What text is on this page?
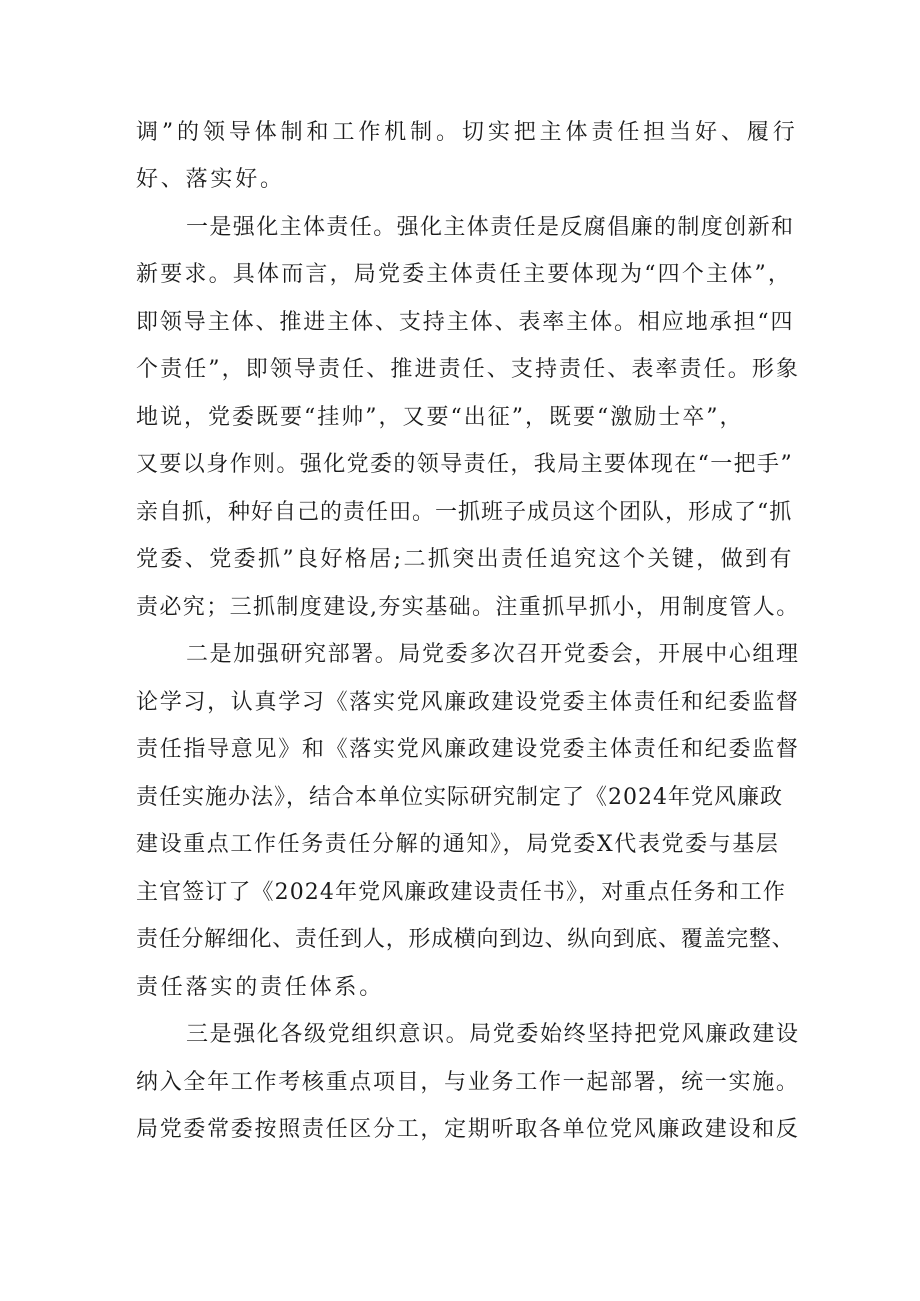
调”的领导体制和工作机制。切实把主体责任担当好、履行
好、落实好。
一是强化主体责任。强化主体责任是反腐倡廉的制度创新和
新要求。具体而言，局党委主体责任主要体现为“四个主体”，
即领导主体、推进主体、支持主体、表率主体。相应地承担“四
个责任”，即领导责任、推进责任、支持责任、表率责任。形象
地说，党委既要“挂帅”，又要“出征”，既要“激励士卒”，
又要以身作则。强化党委的领导责任，我局主要体现在“一把手”
亲自抓，种好自己的责任田。一抓班子成员这个团队，形成了“抓
党委、党委抓”良好格居;二抓突出责任追究这个关键，做到有
责必究；三抓制度建设,夯实基础。注重抓早抓小，用制度管人。
二是加强研究部署。局党委多次召开党委会，开展中心组理
论学习，认真学习《落实党风廉政建设党委主体责任和纪委监督
责任指导意见》和《落实党风廉政建设党委主体责任和纪委监督
责任实施办法》，结合本单位实际研究制定了《2024年党风廉政
建设重点工作任务责任分解的通知》，局党委X代表党委与基层
主官签订了《2024年党风廉政建设责任书》，对重点任务和工作
责任分解细化、责任到人，形成横向到边、纵向到底、覆盖完整、
责任落实的责任体系。
三是强化各级党组织意识。局党委始终坚持把党风廉政建设
纳入全年工作考核重点项目，与业务工作一起部署，统一实施。
局党委常委按照责任区分工，定期听取各单位党风廉政建设和反
